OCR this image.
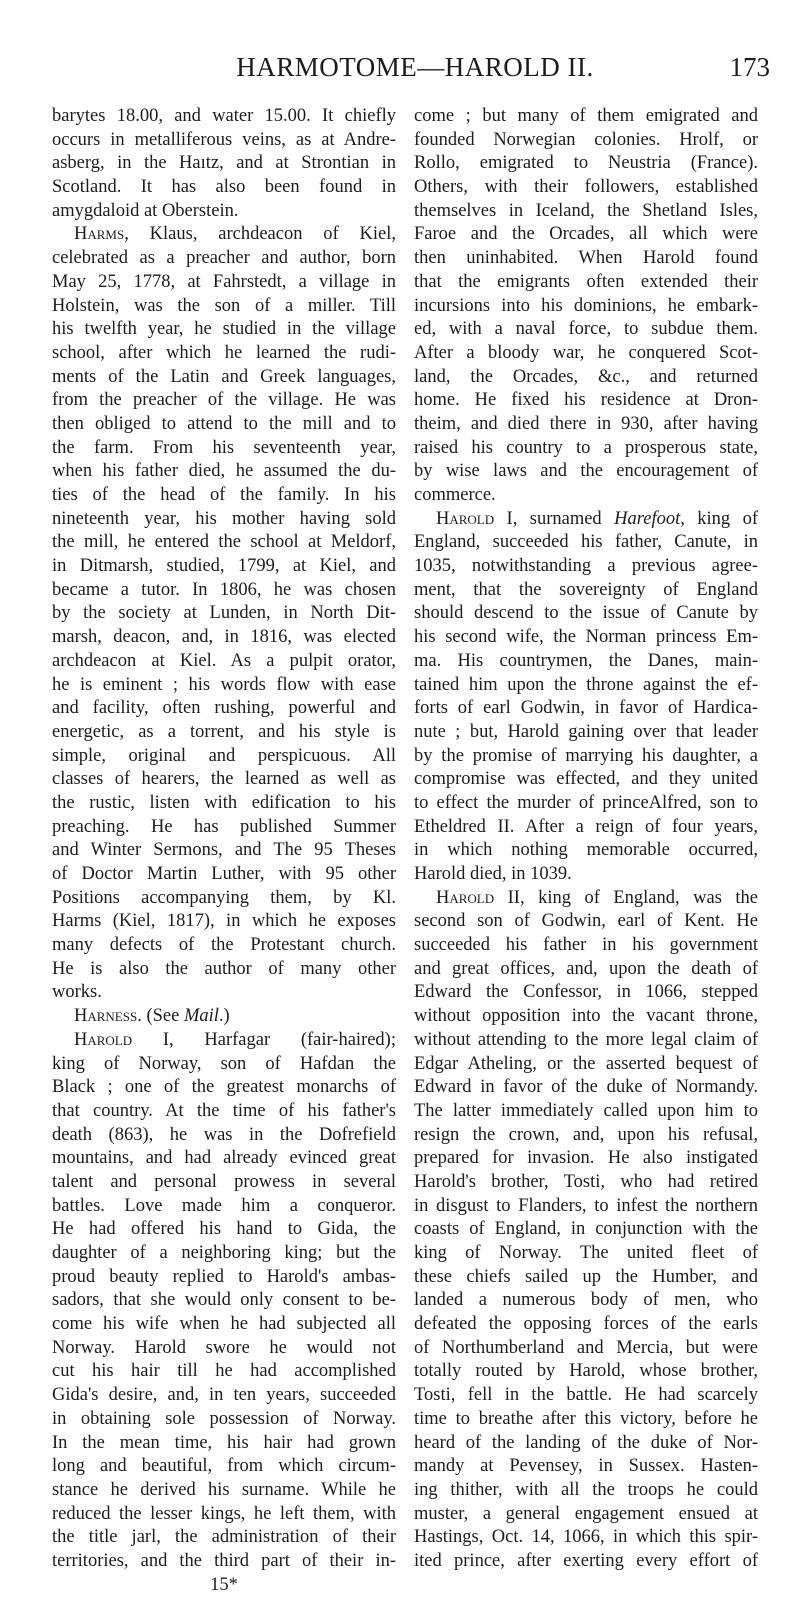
HARMOTOME—HAROLD II.	173
barytes 18.00, and water 15.00. It chiefly
occurs in metalliferous veins, as at Andre-
asberg, in the Haıtz, and at Strontian in
Scotland. It has also been found in
amygdaloid at Oberstein.
Harms, Klaus, archdeacon of Kiel,
celebrated as a preacher and author, born
May 25, 1778, at Fahrstedt, a village in
Holstein, was the son of a miller. Till
his twelfth year, he studied in the village
school, after which he learned the rudi-
ments of the Latin and Greek languages,
from the preacher of the village. He was
then obliged to attend to the mill and to
the farm. From his seventeenth year,
when his father died, he assumed the du-
ties of the head of the family. In his
nineteenth year, his mother having sold
the mill, he entered the school at Meldorf,
in Ditmarsh, studied, 1799, at Kiel, and
became a tutor. In 1806, he was chosen
by the society at Lunden, in North Dit-
marsh, deacon, and, in 1816, was elected
archdeacon at Kiel. As a pulpit orator,
he is eminent ; his words flow with ease
and facility, often rushing, powerful and
energetic, as a torrent, and his style is
simple, original and perspicuous. All
classes of hearers, the learned as well as
the rustic, listen with edification to his
preaching. He has published Summer
and Winter Sermons, and The 95 Theses
of Doctor Martin Luther, with 95 other
Positions accompanying them, by Kl.
Harms (Kiel, 1817), in which he exposes
many defects of the Protestant church.
He is also the author of many other
works.
Harness. (See Mail.)
Harold I, Harfagar (fair-haired);
king of Norway, son of Hafdan the
Black ; one of the greatest monarchs of
that country. At the time of his father's
death (863), he was in the Dofrefield
mountains, and had already evinced great
talent and personal prowess in several
battles. Love made him a conqueror.
He had offered his hand to Gida, the
daughter of a neighboring king; but the
proud beauty replied to Harold's ambas-
sadors, that she would only consent to be-
come his wife when he had subjected all
Norway. Harold swore he would not
cut his hair till he had accomplished
Gida's desire, and, in ten years, succeeded
in obtaining sole possession of Norway.
In the mean time, his hair had grown
long and beautiful, from which circum-
stance he derived his surname. While he
reduced the lesser kings, he left them, with
the title jarl, the administration of their
territories, and the third part of their in-
15*
come ; but many of them emigrated and
founded Norwegian colonies. Hrolf, or
Rollo, emigrated to Neustria (France).
Others, with their followers, established
themselves in Iceland, the Shetland Isles,
Faroe and the Orcades, all which were
then uninhabited. When Harold found
that the emigrants often extended their
incursions into his dominions, he embark-
ed, with a naval force, to subdue them.
After a bloody war, he conquered Scot-
land, the Orcades, &c., and returned
home. He fixed his residence at Dron-
theim, and died there in 930, after having
raised his country to a prosperous state,
by wise laws and the encouragement of
commerce.
Harold I, surnamed Harefoot, king of
England, succeeded his father, Canute, in
1035, notwithstanding a previous agree-
ment, that the sovereignty of England
should descend to the issue of Canute by
his second wife, the Norman princess Em-
ma. His countrymen, the Danes, main-
tained him upon the throne against the ef-
forts of earl Godwin, in favor of Hardica-
nute ; but, Harold gaining over that leader
by the promise of marrying his daughter, a
compromise was effected, and they united
to effect the murder of princeAlfred, son to
Etheldred II. After a reign of four years,
in which nothing memorable occurred,
Harold died, in 1039.
Harold II, king of England, was the
second son of Godwin, earl of Kent. He
succeeded his father in his government
and great offices, and, upon the death of
Edward the Confessor, in 1066, stepped
without opposition into the vacant throne,
without attending to the more legal claim of
Edgar Atheling, or the asserted bequest of
Edward in favor of the duke of Normandy.
The latter immediately called upon him to
resign the crown, and, upon his refusal,
prepared for invasion. He also instigated
Harold's brother, Tosti, who had retired
in disgust to Flanders, to infest the northern
coasts of England, in conjunction with the
king of Norway. The united fleet of
these chiefs sailed up the Humber, and
landed a numerous body of men, who
defeated the opposing forces of the earls
of Northumberland and Mercia, but were
totally routed by Harold, whose brother,
Tosti, fell in the battle. He had scarcely
time to breathe after this victory, before he
heard of the landing of the duke of Nor-
mandy at Pevensey, in Sussex. Hasten-
ing thither, with all the troops he could
muster, a general engagement ensued at
Hastings, Oct. 14, 1066, in which this spir-
ited prince, after exerting every effort of
